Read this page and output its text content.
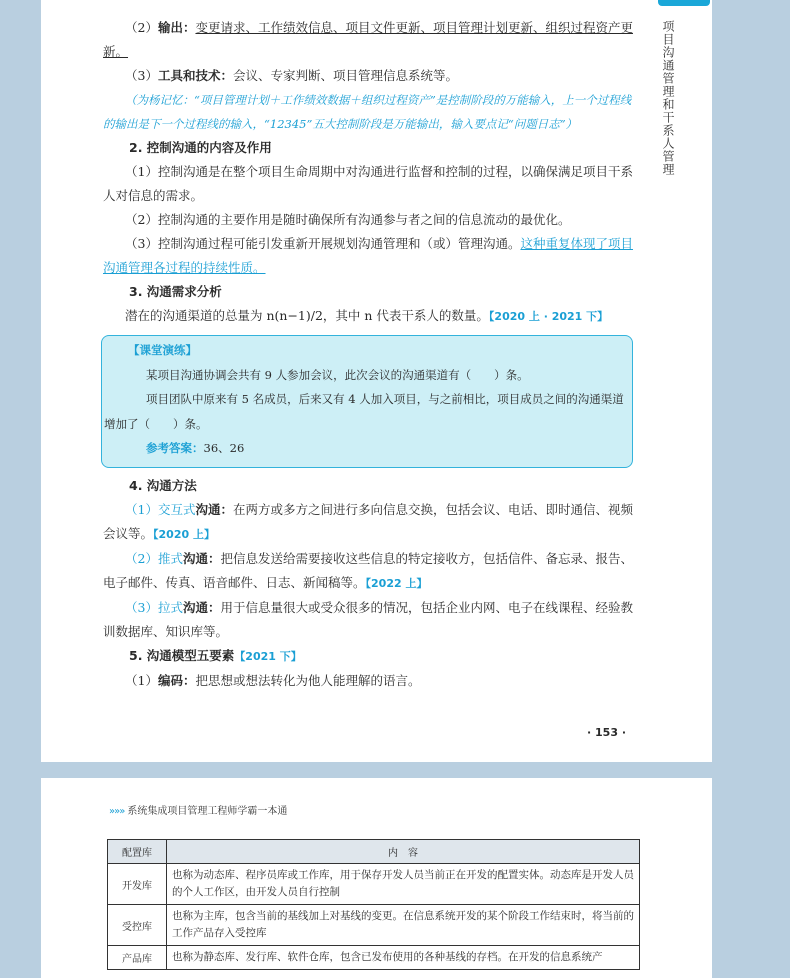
项目沟通管理和干系人管理

（2）输出：变更请求、工作绩效信息、项目文件更新、项目管理计划更新、组织过程资产更新。

（3）工具和技术：会议、专家判断、项目管理信息系统等。

（为杨记忆：“项目管理计划＋工作绩效数据＋组织过程资产”是控制阶段的万能输入，上一个过程线的输出是下一个过程线的输入，“12345”五大控制阶段是万能输出，输入要点记“问题日志”）

2. 控制沟通的内容及作用

（1）控制沟通是在整个项目生命周期中对沟通进行监督和控制的过程，以确保满足项目干系人对信息的需求。

（2）控制沟通的主要作用是随时确保所有沟通参与者之间的信息流动的最优化。

（3）控制沟通过程可能引发重新开展规划沟通管理和（或）管理沟通。这种重复体现了项目沟通管理各过程的持续性质。

3. 沟通需求分析

潜在的沟通渠道的总量为 n(n−1)/2，其中 n 代表干系人的数量。【2020 上 · 2021 下】

【课堂演练】

某项目沟通协调会共有 9 人参加会议，此次会议的沟通渠道有（　　）条。

项目团队中原来有 5 名成员，后来又有 4 人加入项目，与之前相比，项目成员之间的沟通渠道增加了（　　）条。

参考答案：36、26

4. 沟通方法

（1）交互式沟通：在两方或多方之间进行多向信息交换，包括会议、电话、即时通信、视频会议等。【2020 上】

（2）推式沟通：把信息发送给需要接收这些信息的特定接收方，包括信件、备忘录、报告、电子邮件、传真、语音邮件、日志、新闻稿等。【2022 上】

（3）拉式沟通：用于信息量很大或受众很多的情况，包括企业内网、电子在线课程、经验教训数据库、知识库等。

5. 沟通模型五要素【2021 下】

（1）编码：把思想或想法转化为他人能理解的语言。

· 153 ·
»»» 系统集成项目管理工程师学霸一本通
配置库	内　容
开发库	也称为动态库、程序员库或工作库，用于保存开发人员当前正在开发的配置实体。动态库是开发人员的个人工作区，由开发人员自行控制
受控库	也称为主库，包含当前的基线加上对基线的变更。在信息系统开发的某个阶段工作结束时，将当前的工作产品存入受控库
产品库	也称为静态库、发行库、软件仓库，包含已发布使用的各种基线的存档。在开发的信息系统产
